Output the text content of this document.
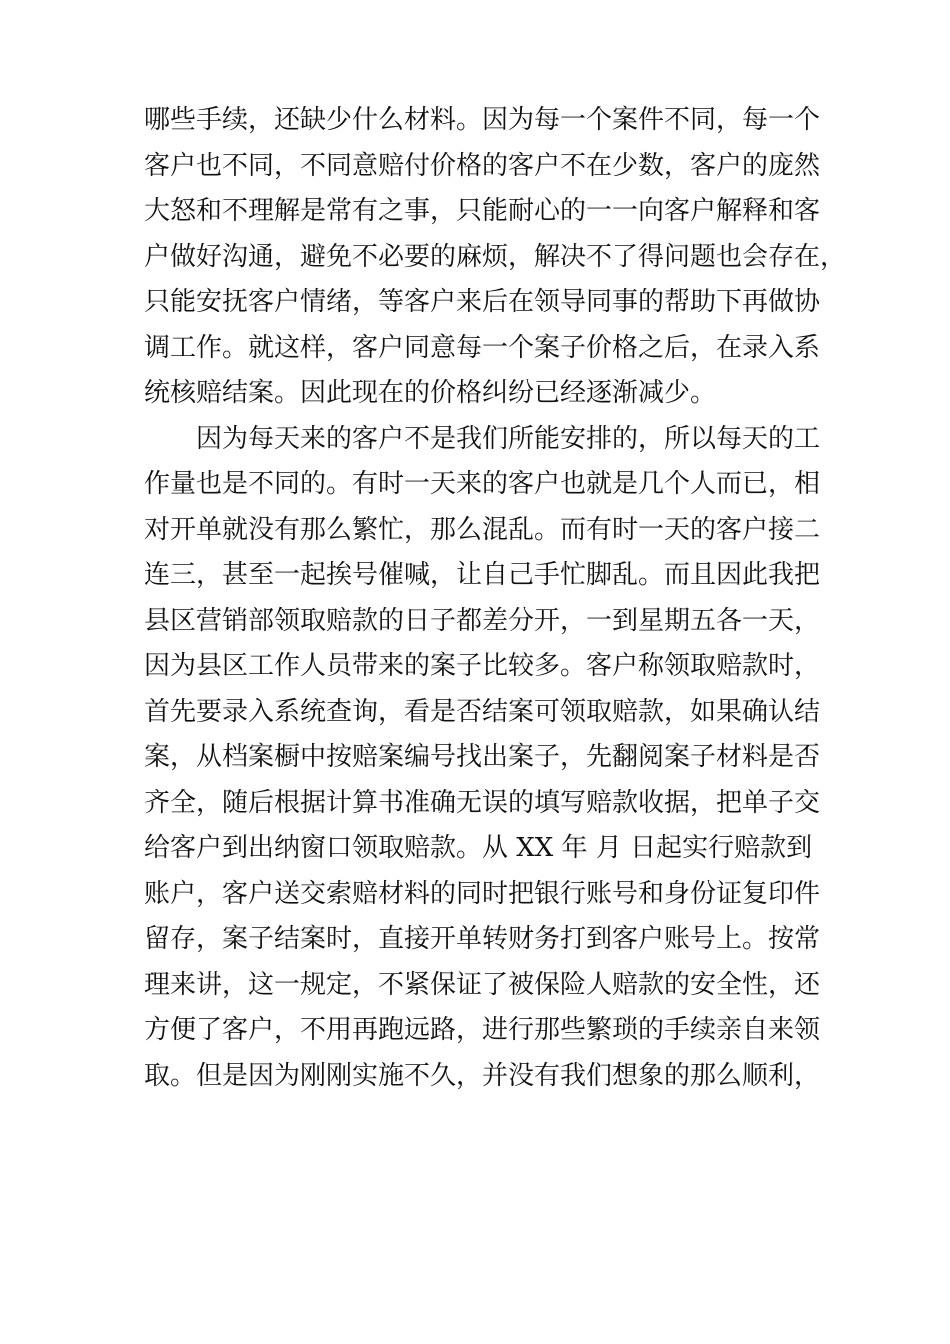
哪些手续，还缺少什么材料。因为每一个案件不同，每一个
客户也不同，不同意赔付价格的客户不在少数，客户的庞然
大怒和不理解是常有之事，只能耐心的一一向客户解释和客
户做好沟通，避免不必要的麻烦，解决不了得问题也会存在，
只能安抚客户情绪，等客户来后在领导同事的帮助下再做协
调工作。就这样，客户同意每一个案子价格之后，在录入系
统核赔结案。因此现在的价格纠纷已经逐渐减少。
因为每天来的客户不是我们所能安排的，所以每天的工
作量也是不同的。有时一天来的客户也就是几个人而已，相
对开单就没有那么繁忙，那么混乱。而有时一天的客户接二
连三，甚至一起挨号催喊，让自己手忙脚乱。而且因此我把
县区营销部领取赔款的日子都差分开，一到星期五各一天，
因为县区工作人员带来的案子比较多。客户称领取赔款时，
首先要录入系统查询，看是否结案可领取赔款，如果确认结
案，从档案橱中按赔案编号找出案子，先翻阅案子材料是否
齐全，随后根据计算书准确无误的填写赔款收据，把单子交
给客户到出纳窗口领取赔款。从 XX 年 月 日起实行赔款到
账户，客户送交索赔材料的同时把银行账号和身份证复印件
留存，案子结案时，直接开单转财务打到客户账号上。按常
理来讲，这一规定，不紧保证了被保险人赔款的安全性，还
方便了客户，不用再跑远路，进行那些繁琐的手续亲自来领
取。但是因为刚刚实施不久，并没有我们想象的那么顺利，
